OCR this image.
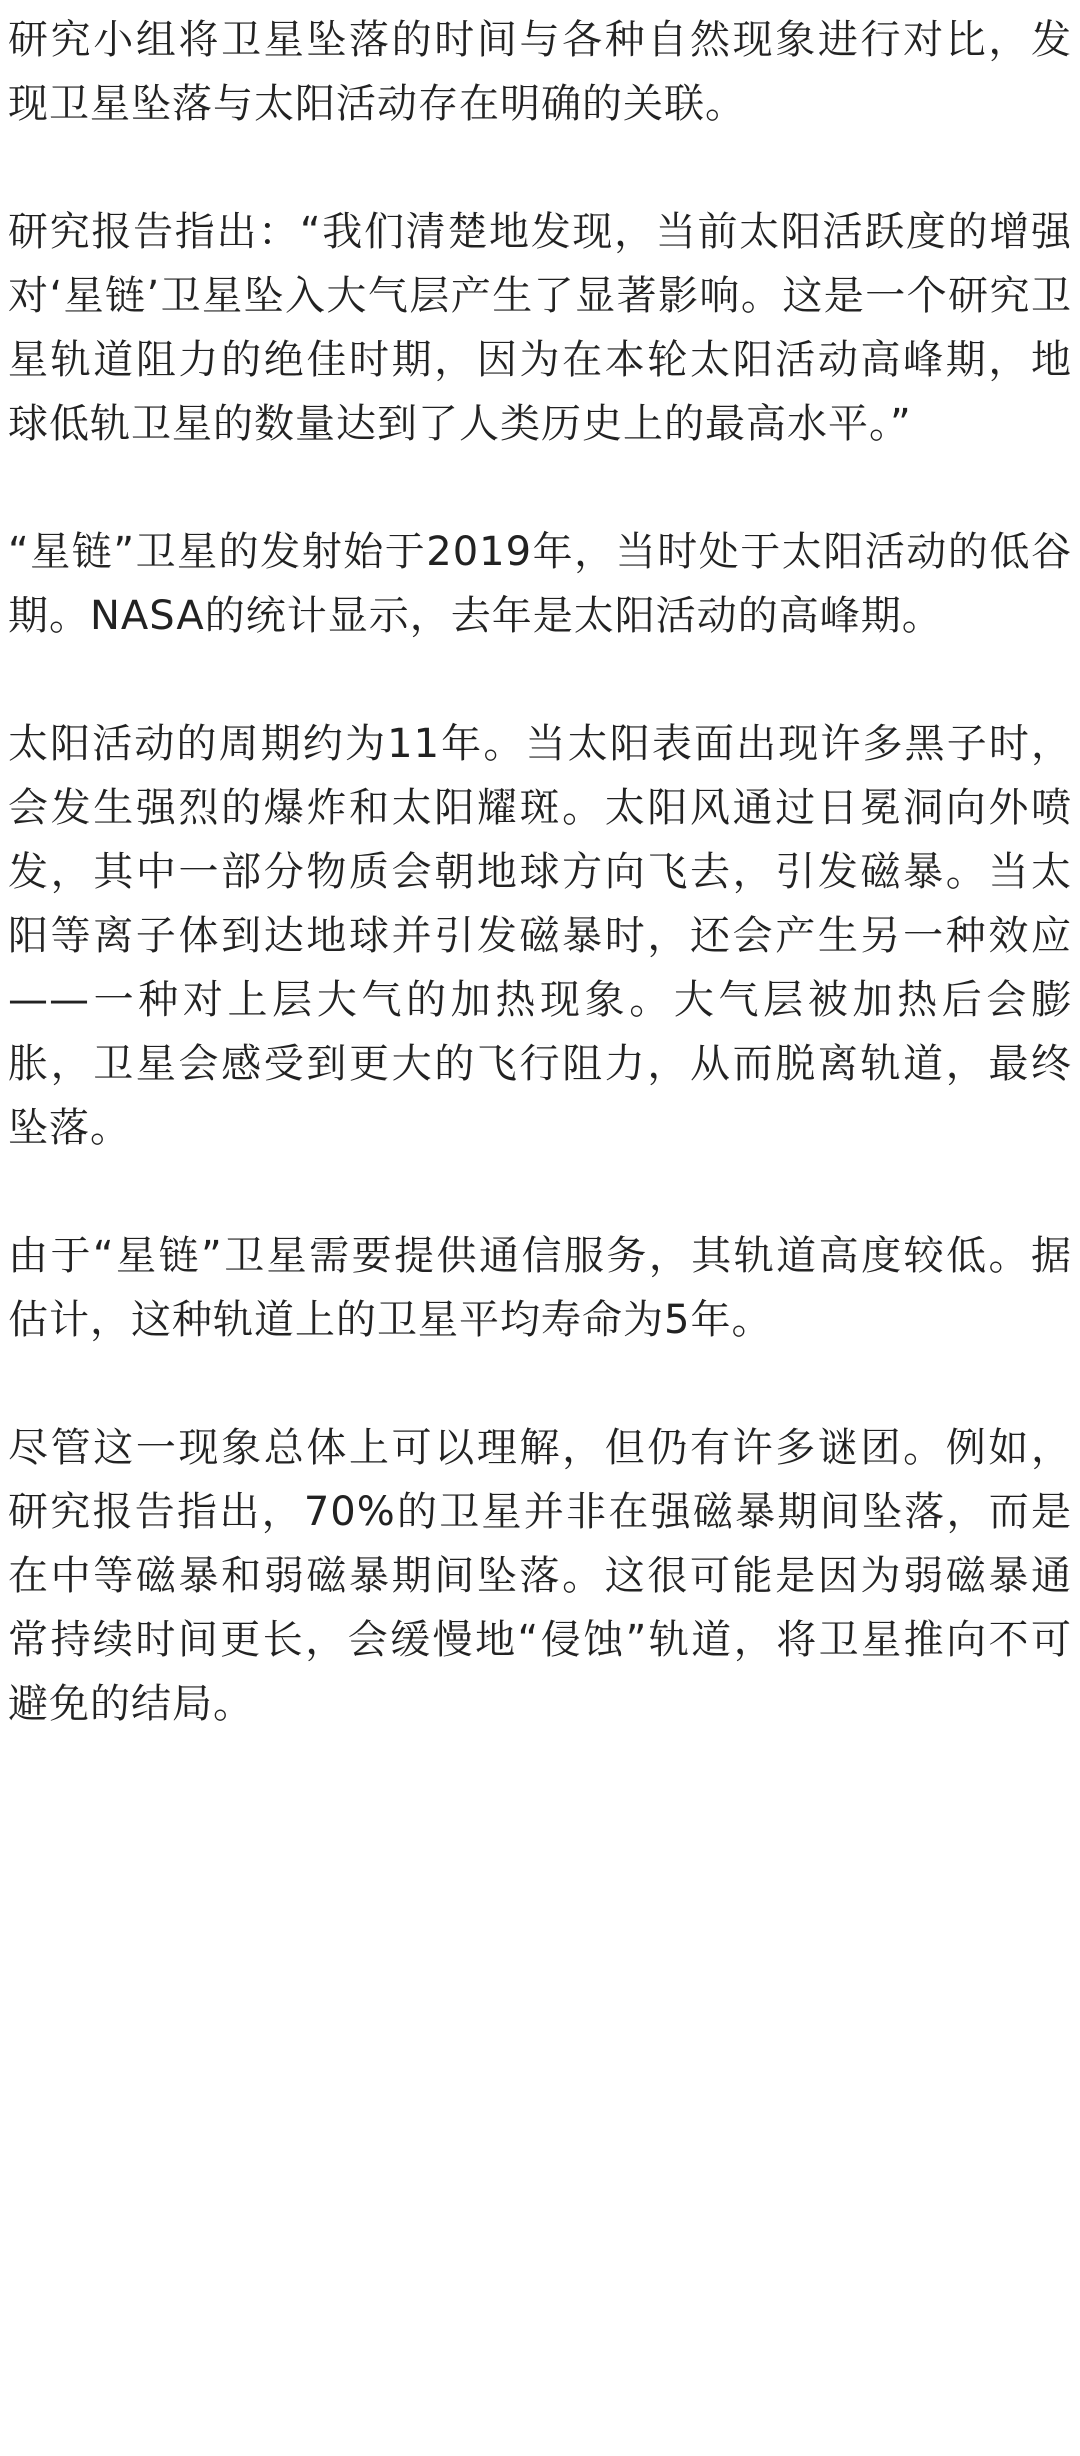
研究小组将卫星坠落的时间与各种自然现象进行对比，发现卫星坠落与太阳活动存在明确的关联。

研究报告指出：“我们清楚地发现，当前太阳活跃度的增强对‘星链’卫星坠入大气层产生了显著影响。这是一个研究卫星轨道阻力的绝佳时期，因为在本轮太阳活动高峰期，地球低轨卫星的数量达到了人类历史上的最高水平。”

“星链”卫星的发射始于2019年，当时处于太阳活动的低谷期。NASA的统计显示，去年是太阳活动的高峰期。

太阳活动的周期约为11年。当太阳表面出现许多黑子时，会发生强烈的爆炸和太阳耀斑。太阳风通过日冕洞向外喷发，其中一部分物质会朝地球方向飞去，引发磁暴。当太阳等离子体到达地球并引发磁暴时，还会产生另一种效应——一种对上层大气的加热现象。大气层被加热后会膨胀，卫星会感受到更大的飞行阻力，从而脱离轨道，最终坠落。

由于“星链”卫星需要提供通信服务，其轨道高度较低。据估计，这种轨道上的卫星平均寿命为5年。

尽管这一现象总体上可以理解，但仍有许多谜团。例如，研究报告指出，70%的卫星并非在强磁暴期间坠落，而是在中等磁暴和弱磁暴期间坠落。这很可能是因为弱磁暴通常持续时间更长，会缓慢地“侵蚀”轨道，将卫星推向不可避免的结局。
